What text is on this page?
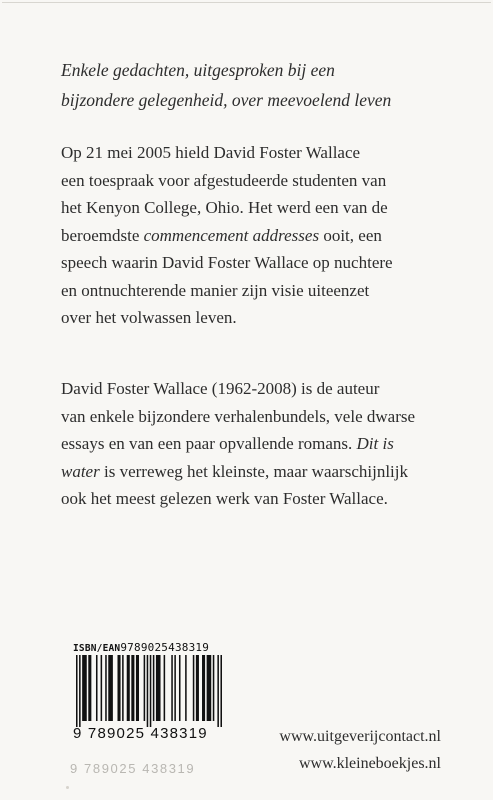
Enkele gedachten, uitgesproken bij een
bijzondere gelegenheid, over meevoelend leven
Op 21 mei 2005 hield David Foster Wallace
een toespraak voor afgestudeerde studenten van
het Kenyon College, Ohio. Het werd een van de
beroemdste commencement addresses ooit, een
speech waarin David Foster Wallace op nuchtere
en ontnuchterende manier zijn visie uiteenzet
over het volwassen leven.
David Foster Wallace (1962-2008) is de auteur
van enkele bijzondere verhalenbundels, vele dwarse
essays en van een paar opvallende romans. Dit is
water is verreweg het kleinste, maar waarschijnlijk
ook het meest gelezen werk van Foster Wallace.
ISBN/EAN9789025438319
9 789025 438319
9 789025 438319
www.uitgeverijcontact.nl
www.kleineboekjes.nl
